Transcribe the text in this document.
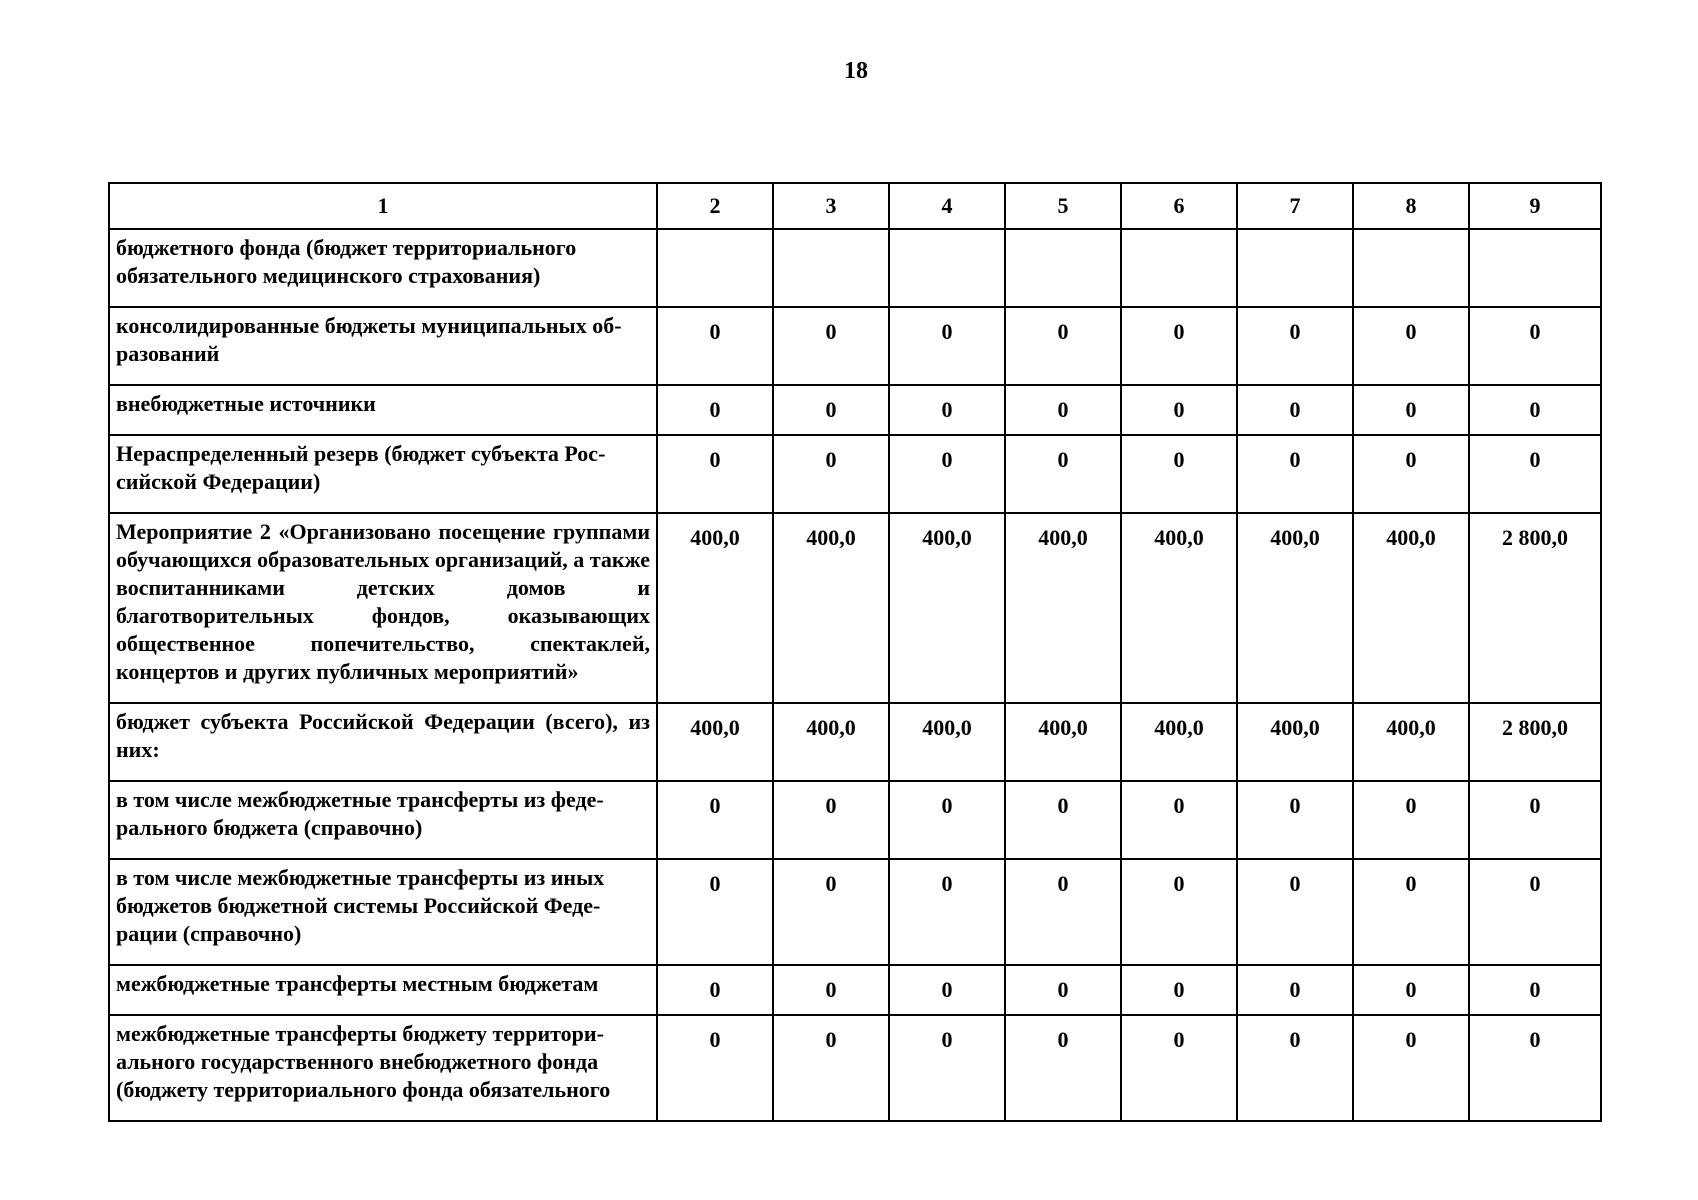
18
1	2	3	4	5	6	7	8	9
бюджетного фонда (бюджет территориального обязательного медицинского страхования)								
консолидированные бюджеты муниципальных об-разований	0	0	0	0	0	0	0	0
внебюджетные источники	0	0	0	0	0	0	0	0
Нераспределенный резерв (бюджет субъекта Рос-сийской Федерации)	0	0	0	0	0	0	0	0
Мероприятие 2 «Организовано посещение группами обучающихся образовательных организаций, а также воспитанниками детских домов и благотворительных фондов, оказывающих общественное попечительство, спектаклей, концертов и других публичных мероприятий»	400,0	400,0	400,0	400,0	400,0	400,0	400,0	2 800,0
бюджет субъекта Российской Федерации (всего), из них:	400,0	400,0	400,0	400,0	400,0	400,0	400,0	2 800,0
в том числе межбюджетные трансферты из феде-рального бюджета (справочно)	0	0	0	0	0	0	0	0
в том числе межбюджетные трансферты из иных бюджетов бюджетной системы Российской Феде-рации (справочно)	0	0	0	0	0	0	0	0
межбюджетные трансферты местным бюджетам	0	0	0	0	0	0	0	0
межбюджетные трансферты бюджету территори-ального государственного внебюджетного фонда (бюджету территориального фонда обязательного	0	0	0	0	0	0	0	0
